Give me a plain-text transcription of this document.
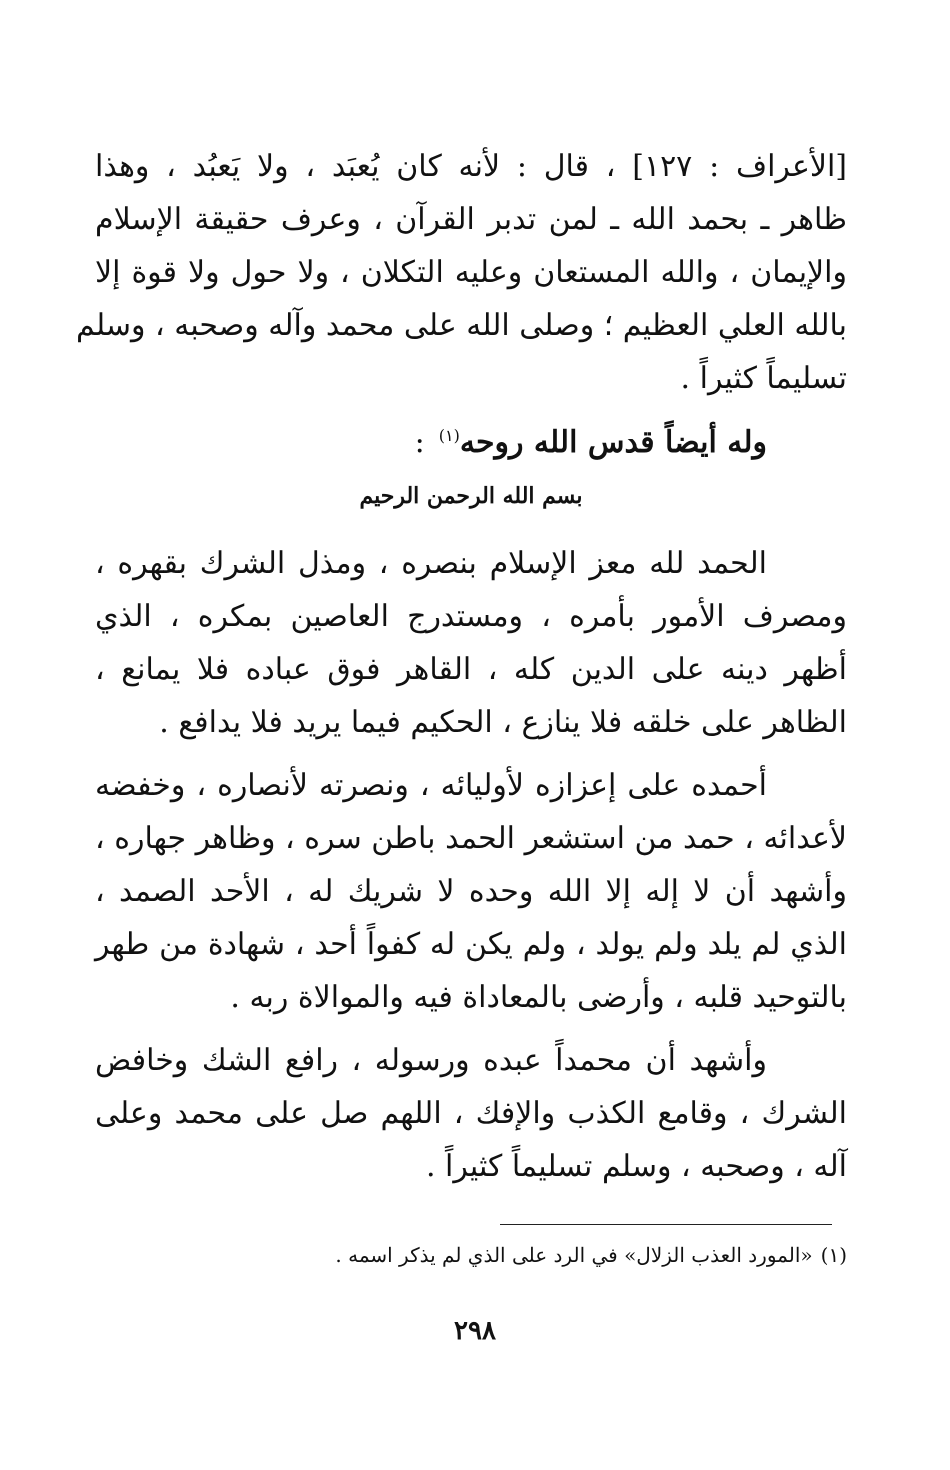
[الأعراف : ١٢٧] ، قال : لأنه كان يُعبَد ، ولا يَعبُد ، وهذا
ظاهر ـ بحمد الله ـ لمن تدبر القرآن ، وعرف حقيقة الإسلام
والإيمان ، والله المستعان وعليه التكلان ، ولا حول ولا قوة إلا
بالله العلي العظيم ؛ وصلى الله على محمد وآله وصحبه ، وسلم
تسليماً كثيراً .

وله أيضاً قدس الله روحه$^{(١)}$:
بسم الله الرحمن الرحيم

الحمد لله معز الإسلام بنصره ، ومذل الشرك بقهره ،
ومصرف الأمور بأمره ، ومستدرج العاصين بمكره ، الذي
أظهر دينه على الدين كله ، القاهر فوق عباده فلا يمانع ،
الظاهر على خلقه فلا ينازع ، الحكيم فيما يريد فلا يدافع .

أحمده على إعزازه لأوليائه ، ونصرته لأنصاره ، وخفضه
لأعدائه ، حمد من استشعر الحمد باطن سره ، وظاهر جهاره ،
وأشهد أن لا إله إلا الله وحده لا شريك له ، الأحد الصمد ،
الذي لم يلد ولم يولد ، ولم يكن له كفواً أحد ، شهادة من طهر
بالتوحيد قلبه ، وأرضى بالمعاداة فيه والموالاة ربه .

وأشهد أن محمداً عبده ورسوله ، رافع الشك وخافض
الشرك ، وقامع الكذب والإفك ، اللهم صل على محمد وعلى
آله ، وصحبه ، وسلم تسليماً كثيراً .

(١)«المورد العذب الزلال» في الرد على الذي لم يذكر اسمه .
٢٩٨
